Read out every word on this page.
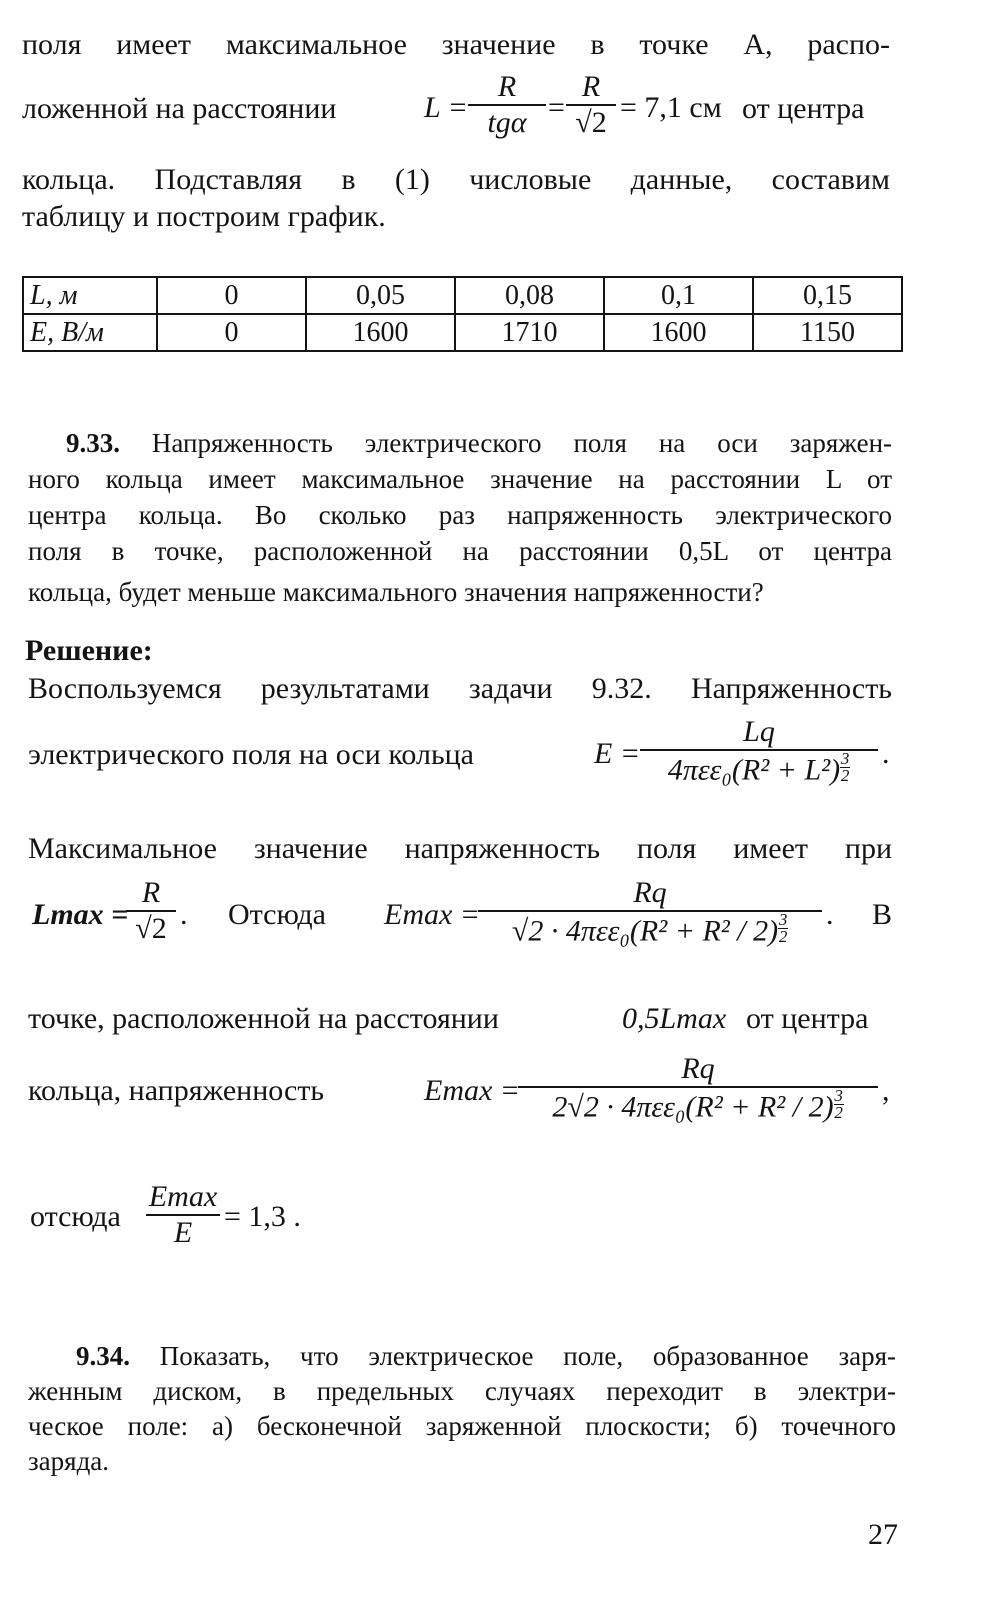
поля имеет максимальное значение в точке А, распо-
ложенной на расстоянии	L =
R
tgα =
R
√2 = 7,1 см от центра
кольца. Подставляя в (1) числовые данные, составим
таблицу и построим график.
L, м	0	0,05	0,08	0,1	0,15
E, В/м	0	1600	1710	1600	1150
9.33. Напряженность электрического поля на оси заряжен-
ного кольца имеет максимальное значение на расстоянии L от
центра кольца. Во сколько раз напряженность электрического
поля в точке, расположенной на расстоянии 0,5L от центра
кольца, будет меньше максимального значения напряженности?
Решение:
Воспользуемся результатами задачи 9.32. Напряженность
электрического поля на оси кольца	E =
Lq
$4\pi\varepsilon\varepsilon_0(R^2 + L^2) \frac{3}{2}$ .
Максимальное значение напряженность поля имеет при
Lmax =
R
√2 . Отсюда Emax =
Rq
$√2 \cdot 4\pi\varepsilon\varepsilon_0(R^2 + R^2 / 2) \frac{3}{2}$ . В
точке, расположенной на расстоянии	0,5Lmax от центра
кольца, напряженность	Emax =
Rq
$2√2 \cdot 4\pi\varepsilon\varepsilon_0(R^2 + R^2 / 2) \frac{3}{2}$ ,
отсюда
Emax
E = 1,3 .
9.34. Показать, что электрическое поле, образованное заря-
женным диском, в предельных случаях переходит в электри-
ческое поле: а) бесконечной заряженной плоскости; б) точечного
заряда.
27
